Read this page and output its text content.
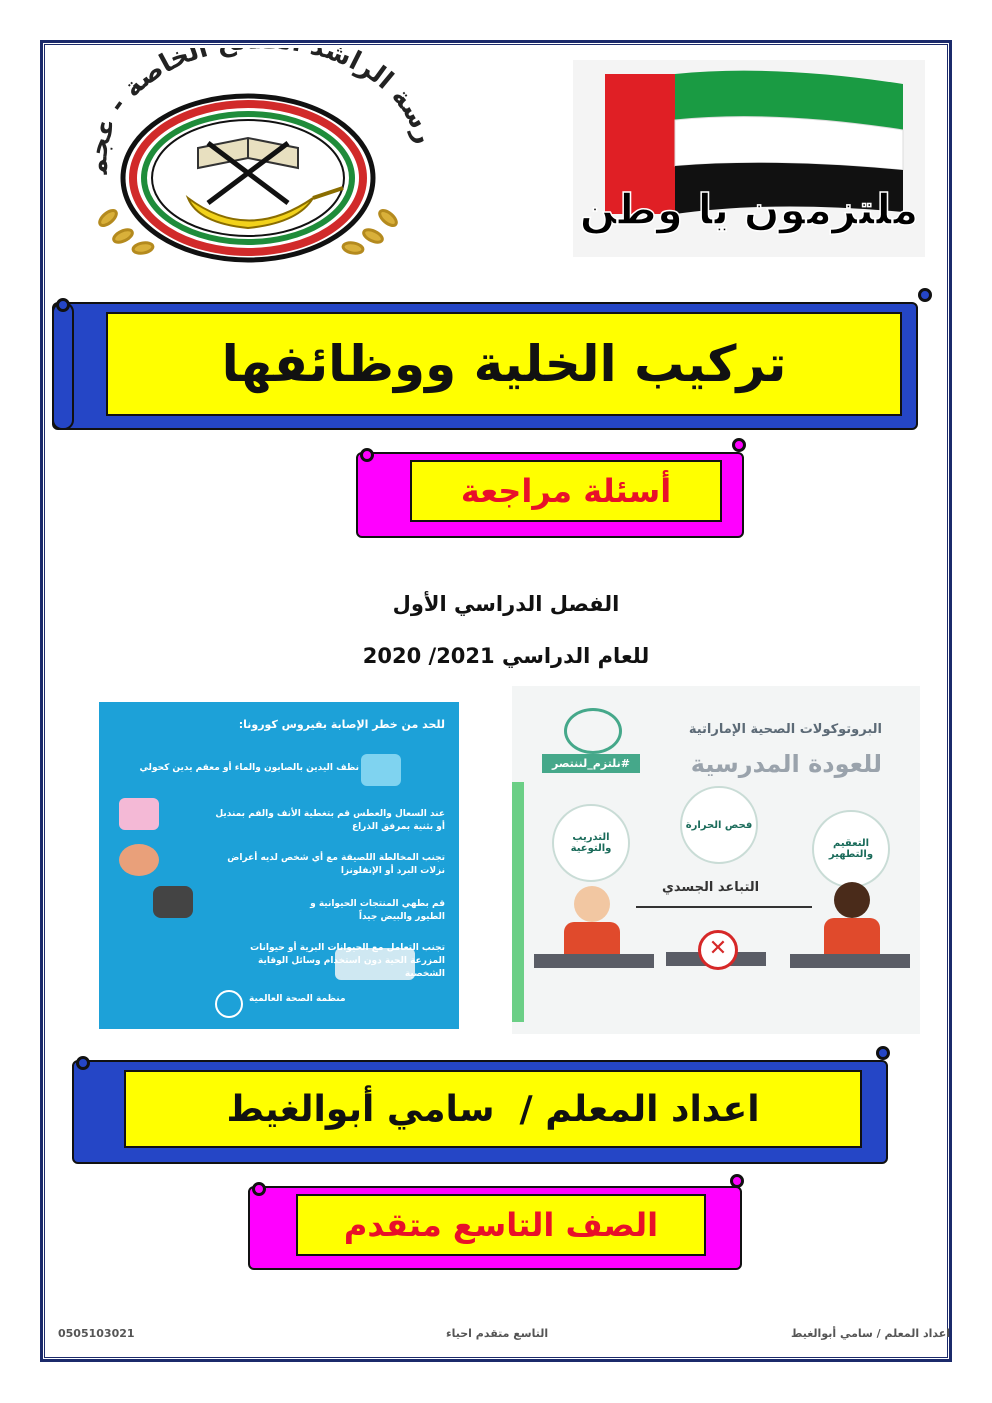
رسة الراش الخاصة - عجم
ملتزمون يا وطن
تركيب الخلية ووظائفها
أسئلة مراجعة
الفصل الدراسي الأول
للعام الدراسي 2021/ 2020
للحد من خطر الإصابة بفيروس كورونا:
نظف اليدين بالصابون والماء أو معقم يدين كحولي
عند السعال والعطس قم بتغطية الأنف والفم بمنديل أو بثنية بمرفق الذراع
تجنب المخالطة اللصيقة مع أي شخص لديه أعراض نزلات البرد أو الإنفلونزا
قم بطهي المنتجات الحيوانية و الطيور والبيض جيداً
تجنب التعامل مع الحيوانات البرية أو حيوانات المزرعة الحية دون استخدام وسائل الوقاية الشخصية
منظمة الصحة العالمية
#نلتزم_لننتصر
البروتوكولات الصحية الإماراتية
للعودة المدرسية
التعقيم والتطهير
فحص الحرارة
التدريب والتوعية
التباعد الجسدي
✕
اعداد المعلم /  سامي أبوالغيط
الصف التاسع متقدم
اعداد المعلم / سامي أبوالغيط
التاسع متقدم احياء
0505103021
